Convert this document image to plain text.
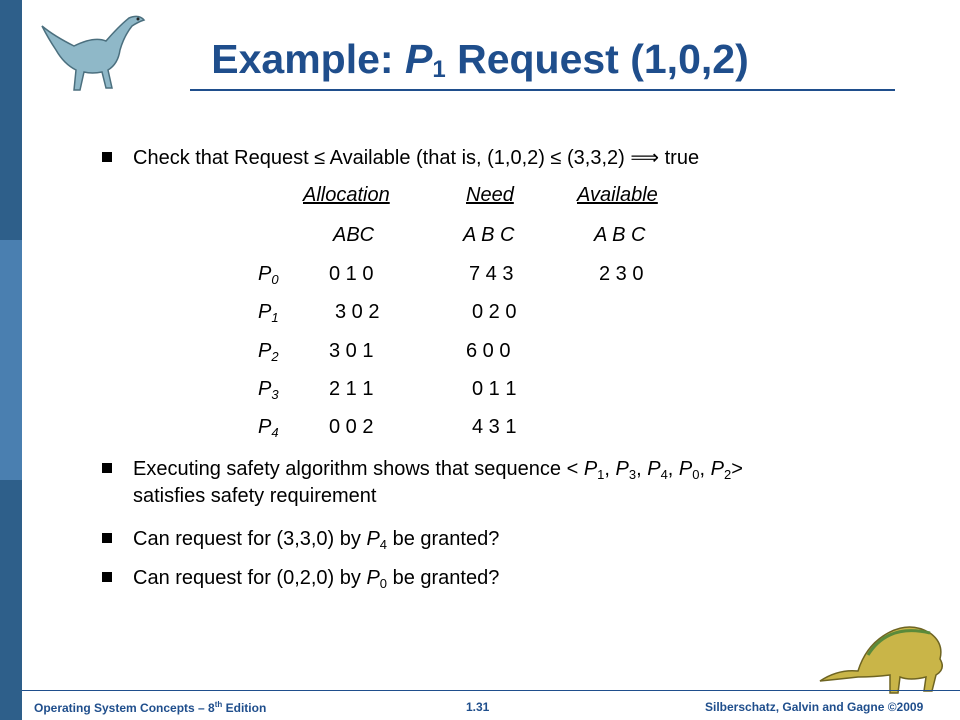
Example: $P_1$ Request (1,0,2)
Check that Request ≤ Available (that is, (1,0,2) ≤ (3,3,2) ⟹ true
Allocation	Need	Available
ABC	A B C	A B C
$P_0$	0 1 0	7 4 3	2 3 0
$P_1$	3 0 2	0 2 0
$P_2$	3 0 1	6 0 0
$P_3$	2 1 1	0 1 1
$P_4$	0 0 2	4 3 1
Executing safety algorithm shows that sequence < $P_1$, $P_3$, $P_4$, $P_0$, $P_2>$
satisfies safety requirement
Can request for (3,3,0) by $P_4$ be granted?
Can request for (0,2,0) by $P_0$ be granted?
Operating System Concepts – 8th Edition	1.31	Silberschatz, Galvin and Gagne ©2009
